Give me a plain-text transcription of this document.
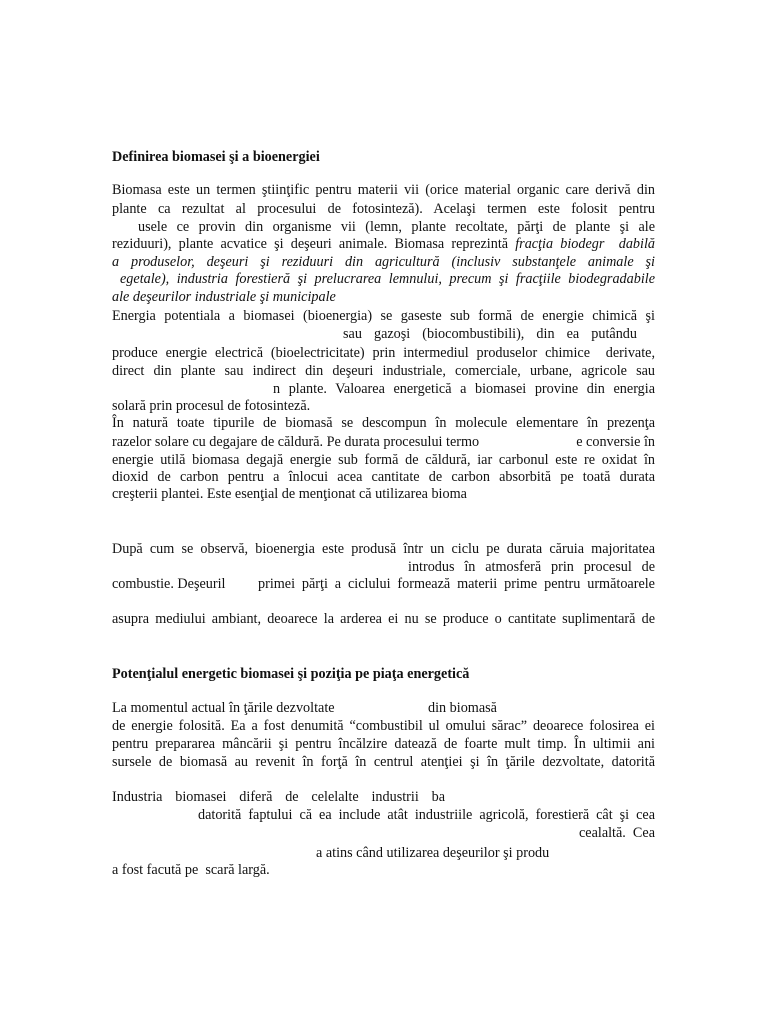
Definirea biomasei şi a bioenergiei
Biomasa este un termen ştiinţific pentru materii vii (orice material organic care derivă din
plante ca rezultat al procesului de fotosinteză). Acelaşi termen este folosit pentru
usele ce provin din organisme vii (lemn, plante recoltate, părţi de plante şi ale
reziduuri), plante acvatice şi deşeuri animale. Biomasa reprezintă fracţia biodegr  dabilă
a produselor, deşeuri şi reziduuri din agricultură (inclusiv substanţele animale şi
egetale), industria forestieră şi prelucrarea lemnului, precum şi fracţiile biodegradabile
ale deşeurilor industriale şi municipale
Energia potentiala a biomasei (bioenergia) se gaseste sub formă de energie chimică şi
sau  gazoşi  (biocombustibili),  din  ea  putându
produce energie electrică (bioelectricitate) prin intermediul produselor chimice  derivate,
direct din plante sau indirect din deşeuri industriale, comerciale, urbane, agricole sau
n plante. Valoarea energetică a biomasei provine din energia
solară prin procesul de fotosinteză.
În natură toate tipurile de biomasă se descompun în molecule elementare în prezenţa
razelor solare cu degajare de căldură. Pe durata procesului termo	e conversie în
energie utilă biomasa degajă energie sub formă de căldură, iar carbonul este re oxidat în
dioxid de carbon pentru a înlocui acea cantitate de carbon absorbită pe toată durata
creşterii plantei. Este esenţial de menţionat că utilizarea bioma
După cum se observă, bioenergia este produsă într un ciclu pe durata căruia majoritatea
introdus  în  atmosferă  prin  procesul  de
combustie. Deşeuril primei părţi a ciclului formează materii prime pentru următoarele
asupra mediului ambiant, deoarece la arderea ei nu se produce o cantitate suplimentară de
Potenţialul energetic biomasei şi poziţia pe piaţa energetică
La momentul actual în ţările dezvoltate	din biomasă
de energie folosită. Ea a fost denumită “combustibil ul omului sărac” deoarece folosirea ei
pentru prepararea mâncării şi pentru încălzire datează de foarte mult timp. În ultimii ani
sursele de biomasă au revenit în forţă în centrul atenţiei şi în ţările dezvoltate, datorită
Industria   biomasei   diferă   de   celelalte   industrii   ba
datorită faptului că ea include atât industriile agricolă, forestieră cât şi cea
cealaltă.  Cea
a atins când utilizarea deşeurilor şi produ
a fost facută pe  scară largă.
